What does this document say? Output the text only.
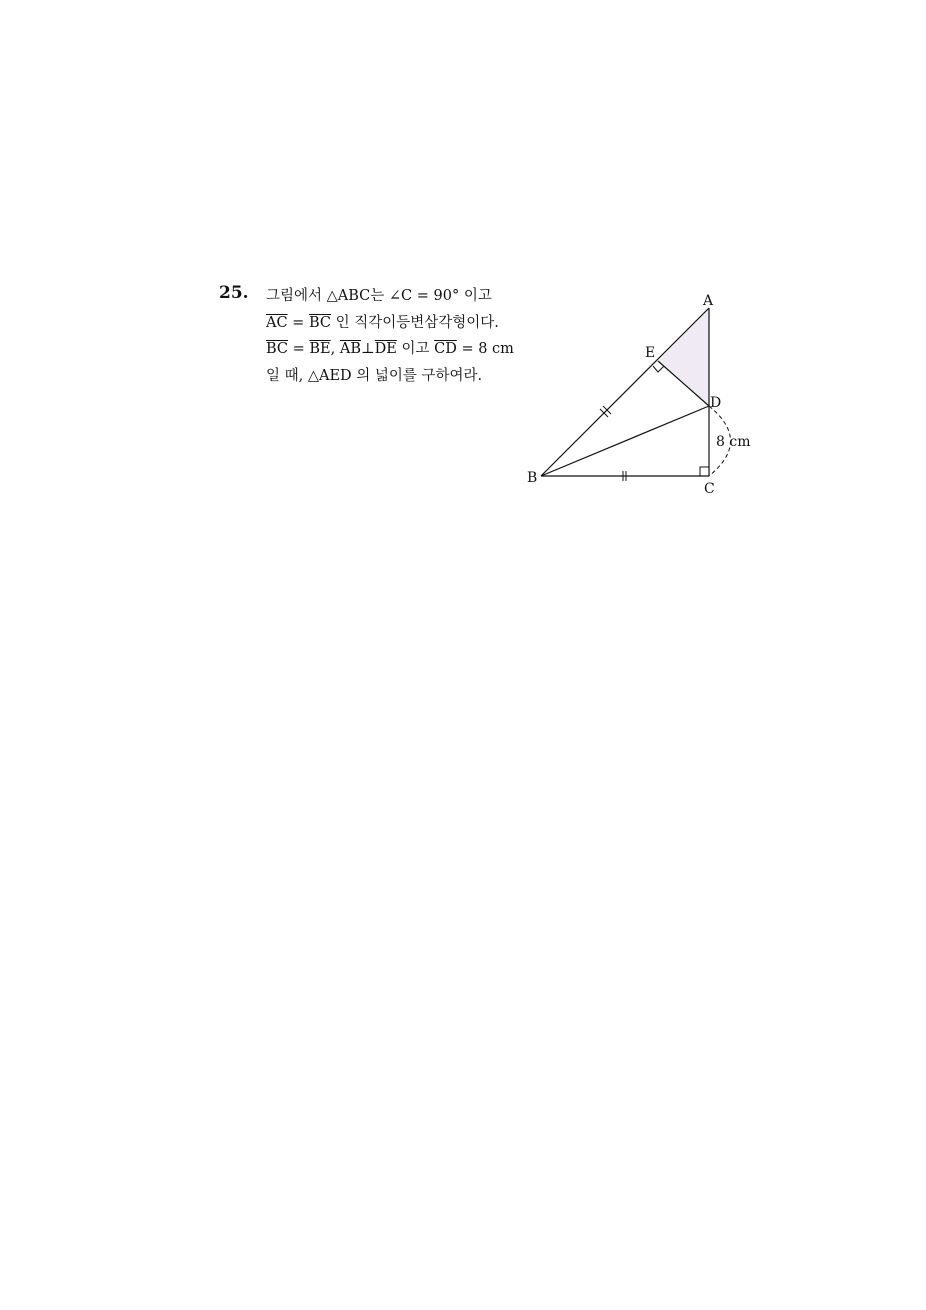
25. 그림에서 △ABC는 ∠C = 90° 이고
$\overline{AC} = \overline{BC}$ 인 직각이등변삼각형이다.
$\overline{BC} = \overline{BE}$, $\overline{AB}\perp\overline{DE}$ 이고 $\overline{CD} = 8$ cm
일 때, △AED 의 넓이를 구하여라.
A
B
C
D
E
8 cm
